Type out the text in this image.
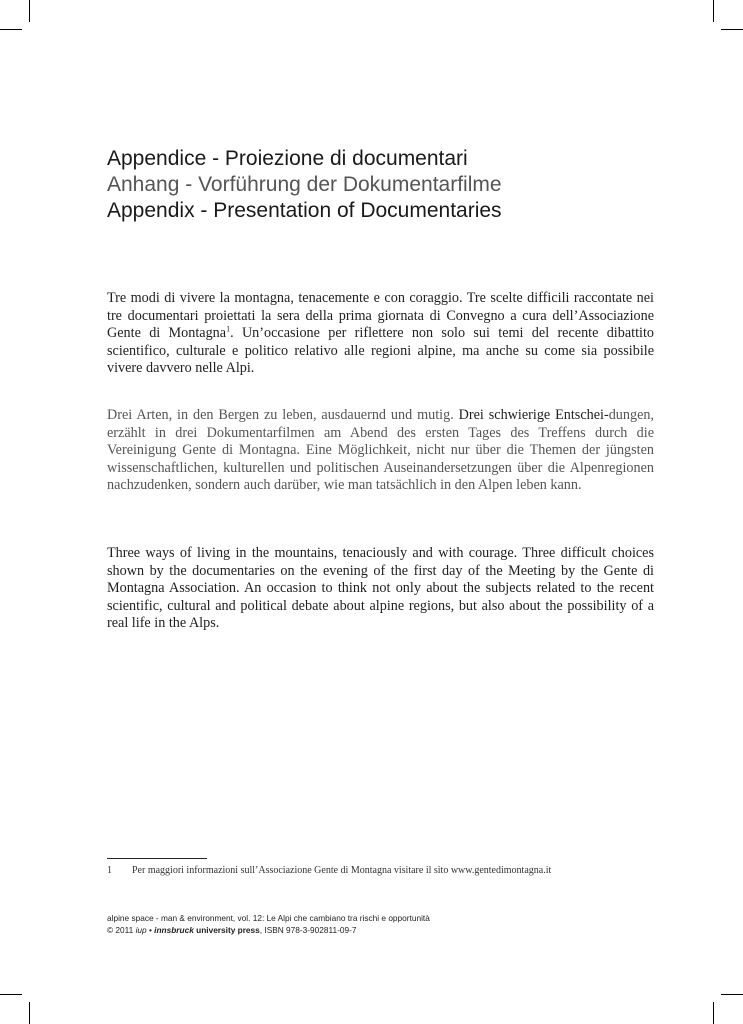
Appendice - Proiezione di documentari
Anhang - Vorführung der Dokumentarfilme
Appendix - Presentation of Documentaries

Tre modi di vivere la montagna, tenacemente e con coraggio. Tre scelte difficili raccontate nei tre documentari proiettati la sera della prima giornata di Convegno a cura dell’Associazione Gente di Montagna$^1$. Un’occasione per riflettere non solo sui temi del recente dibattito scientifico, culturale e politico relativo alle regioni alpine, ma anche su come sia possibile vivere davvero nelle Alpi.

Drei Arten, in den Bergen zu leben, ausdauernd und mutig. Drei schwierige Entschei-dungen, erzählt in drei Dokumentarfilmen am Abend des ersten Tages des Treffens durch die Vereinigung Gente di Montagna. Eine Möglichkeit, nicht nur über die Themen der jüngsten wissenschaftlichen, kulturellen und politischen Auseinandersetzungen über die Alpenregionen nachzudenken, sondern auch darüber, wie man tatsächlich in den Alpen leben kann.

Three ways of living in the mountains, tenaciously and with courage. Three difficult choices shown by the documentaries on the evening of the first day of the Meeting by the Gente di Montagna Association. An occasion to think not only about the subjects related to the recent scientific, cultural and political debate about alpine regions, but also about the possibility of a real life in the Alps.

1 Per maggiori informazioni sull’Associazione Gente di Montagna visitare il sito www.gentedimontagna.it
alpine space - man & environment, vol. 12: Le Alpi che cambiano tra rischi e opportunità
© 2011 iup • innsbruck university press, ISBN 978-3-902811-09-7
